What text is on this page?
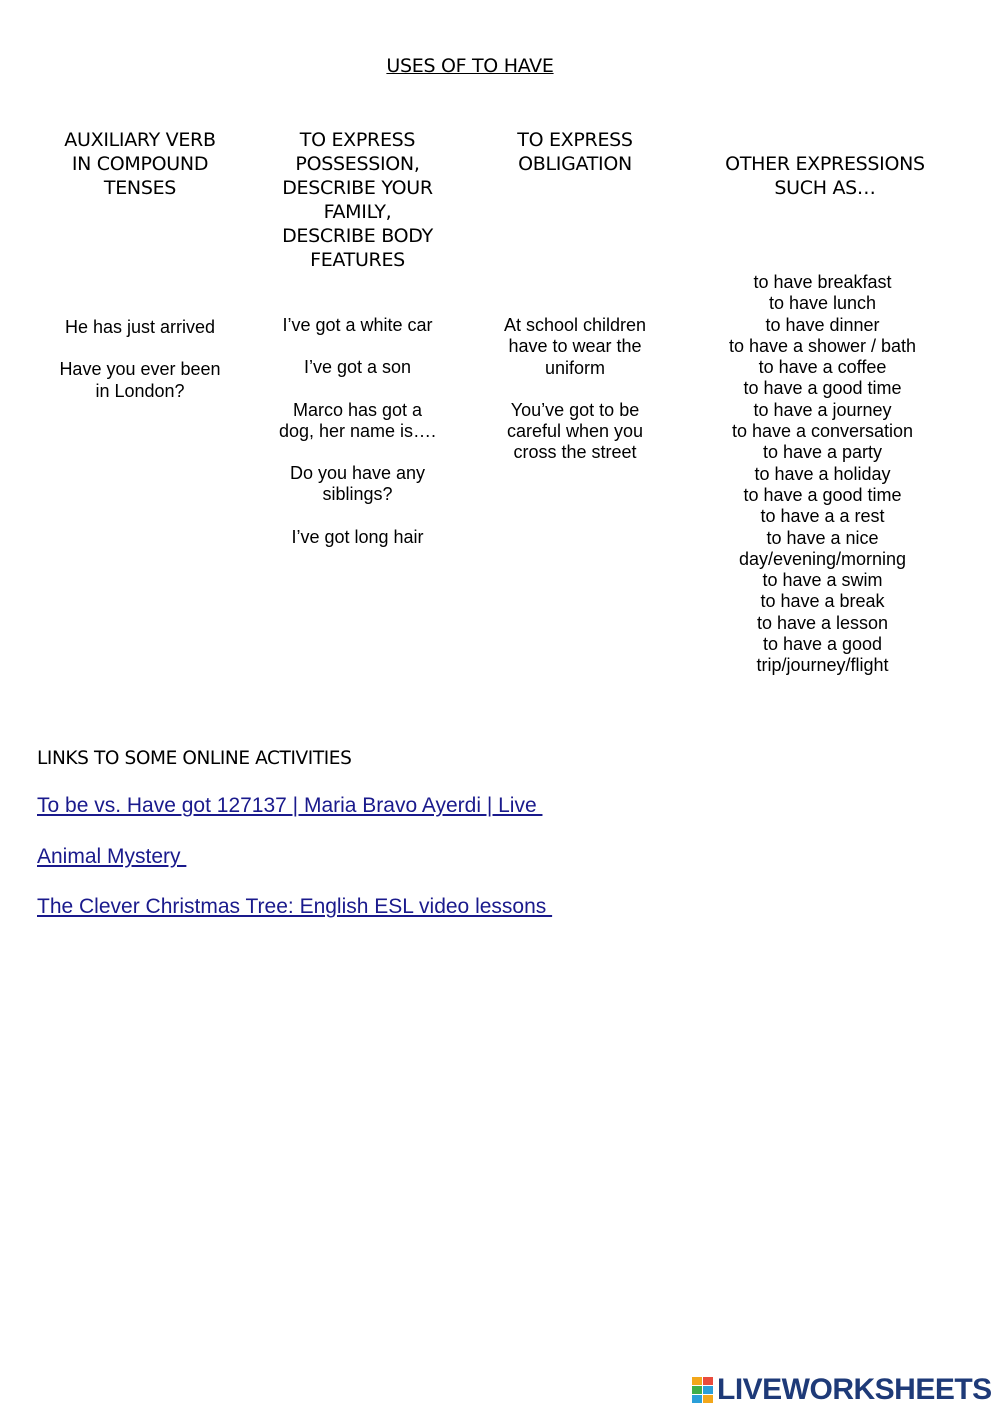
USES OF TO HAVE
AUXILIARY VERB
IN COMPOUND
TENSES
TO EXPRESS
POSSESSION,
DESCRIBE YOUR
FAMILY,
DESCRIBE BODY
FEATURES
TO EXPRESS
OBLIGATION	OTHER EXPRESSIONS
SUCH AS…
He has just arrived
Have you ever been
in London?
I’ve got a white car
I’ve got a son
Marco has got a
dog, her name is….
Do you have any
siblings?
I’ve got long hair
At school children
have to wear the
uniform
You’ve got to be
careful when you
cross the street
to have breakfast
to have lunch
to have dinner
to have a shower / bath
to have a coffee
to have a good time
to have a journey
to have a conversation
to have a party
to have a holiday
to have a good time
to have a a rest
to have a nice
day/evening/morning
to have a swim
to have a break
to have a lesson
to have a good
trip/journey/flight
LINKS TO SOME ONLINE ACTIVITIES
To be vs. Have got 127137 | Maria Bravo Ayerdi | Live
Animal Mystery
The Clever Christmas Tree: English ESL video lessons
LIVEWORKSHEETS
